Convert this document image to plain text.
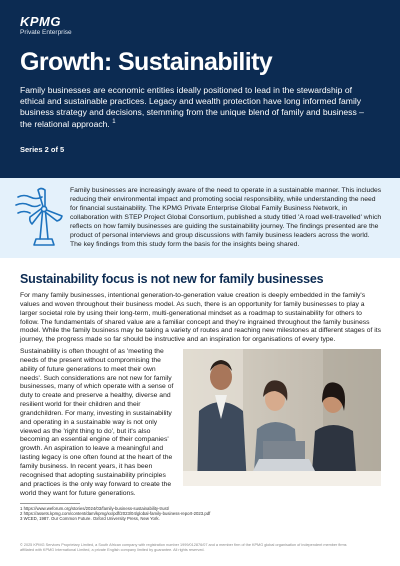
KPMG
Private Enterprise
Growth: Sustainability
Family businesses are economic entities ideally positioned to lead in the stewardship of ethical and sustainable practices. Legacy and wealth protection have long informed family business strategy and decisions, stemming from the unique blend of family and business – the relational approach. $^1$
Series 2 of 5
Family businesses are increasingly aware of the need to operate in a sustainable manner. This includes reducing their environmental impact and promoting social responsibility, while understanding the need for financial sustainability. The KPMG Private Enterprise Global Family Business Network, in collaboration with STEP Project Global Consortium, published a study titled 'A road well-travelled' which reflects on how family businesses are guiding the sustainability journey. The findings presented are the product of personal interviews and group discussions with family business leaders across the world. The key findings from this study form the basis for the insights being shared.
Sustainability focus is not new for family businesses
For many family businesses, intentional generation-to-generation value creation is deeply embedded in the family's values and woven throughout their business model. As such, there is an opportunity for family businesses to play a larger societal role by using their long-term, multi-generational mindset as a roadmap to sustainability for others to follow. The fundamentals of shared value are a familiar concept and they're ingrained throughout the family business model. While the family business may be taking a variety of routes and reaching new milestones at different stages of its journey, the progress made so far should be instructive and an inspiration for organisations of every type.
Sustainability is often thought of as 'meeting the needs of the present without compromising the ability of future generations to meet their own needs'. Such considerations are not new for family businesses, many of which operate with a sense of duty to create and preserve a healthy, diverse and resilient world for their children and their grandchildren. For many, investing in sustainability and operating in a sustainable way is not only viewed as the 'right thing to do', but it's also becoming an essential engine of their companies' growth. An aspiration to leave a meaningful and lasting legacy is one often found at the heart of the family business. In recent years, it has been recognised that adopting sustainability principles and practices is the only way forward to create the world they want for future generations.
1 https://www.weforum.org/stories/2024/03/family-business-sustainability-trust/
2 https://assets.kpmg.com/content/dam/kpmg/xx/pdf/2023/04/global-family-business-report-2023.pdf
3 WCED, 1987. Our Common Future. Oxford University Press, New York.
© 2025 KPMG Services Proprietary Limited, a South African company with registration number 1999/012876/07 and a member firm of the KPMG global organisation of independent member firms affiliated with KPMG International Limited, a private English company limited by guarantee. All rights reserved.
